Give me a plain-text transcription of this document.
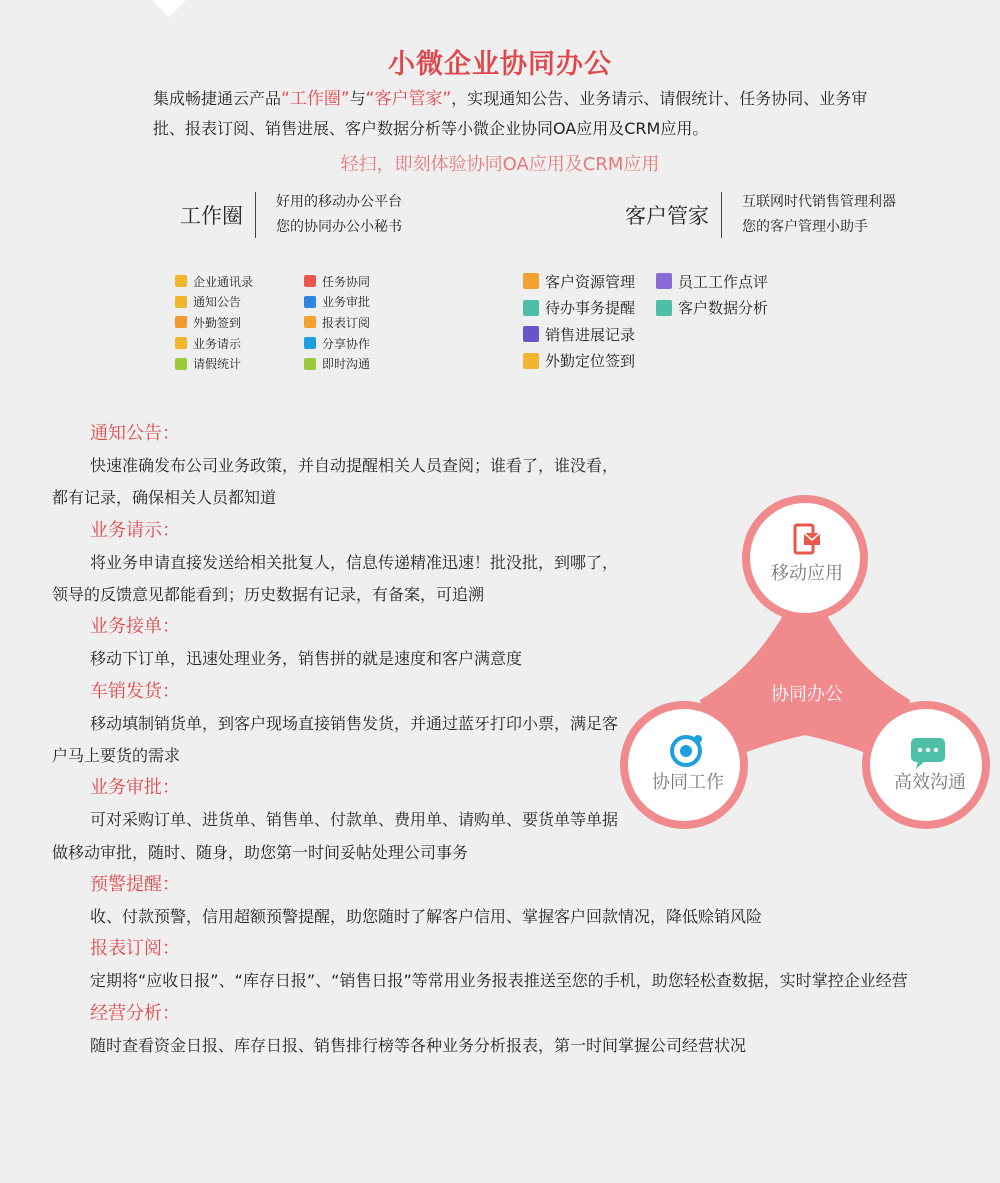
小微企业协同办公
集成畅捷通云产品“工作圈”与“客户管家”，实现通知公告、业务请示、请假统计、任务协同、业务审批、报表订阅、销售进展、客户数据分析等小微企业协同OA应用及CRM应用。
轻扫，即刻体验协同OA应用及CRM应用
工作圈
好用的移动办公平台
您的协同办公小秘书	客户管家
互联网时代销售管理利器
您的客户管理小助手
企业通讯录
通知公告
外勤签到
业务请示
请假统计
任务协同
业务审批
报表订阅
分享协作
即时沟通
客户资源管理
待办事务提醒
销售进展记录
外勤定位签到
员工工作点评
客户数据分析
通知公告：
快速准确发布公司业务政策，并自动提醒相关人员查阅；谁看了，谁没看，都有记录，确保相关人员都知道
业务请示：
将业务申请直接发送给相关批复人，信息传递精准迅速！批没批，到哪了，领导的反馈意见都能看到；历史数据有记录，有备案，可追溯
业务接单：
移动下订单，迅速处理业务，销售拼的就是速度和客户满意度
车销发货：
移动填制销货单，到客户现场直接销售发货，并通过蓝牙打印小票，满足客户马上要货的需求
业务审批：
可对采购订单、进货单、销售单、付款单、费用单、请购单、要货单等单据做移动审批，随时、随身，助您第一时间妥帖处理公司事务
预警提醒：
收、付款预警，信用超额预警提醒，助您随时了解客户信用、掌握客户回款情况，降低赊销风险
报表订阅：
定期将“应收日报”、“库存日报”、“销售日报”等常用业务报表推送至您的手机，助您轻松查数据，实时掌控企业经营
经营分析：
随时查看资金日报、库存日报、销售排行榜等各种业务分析报表，第一时间掌握公司经营状况
移动应用
协同办公
协同工作	高效沟通
